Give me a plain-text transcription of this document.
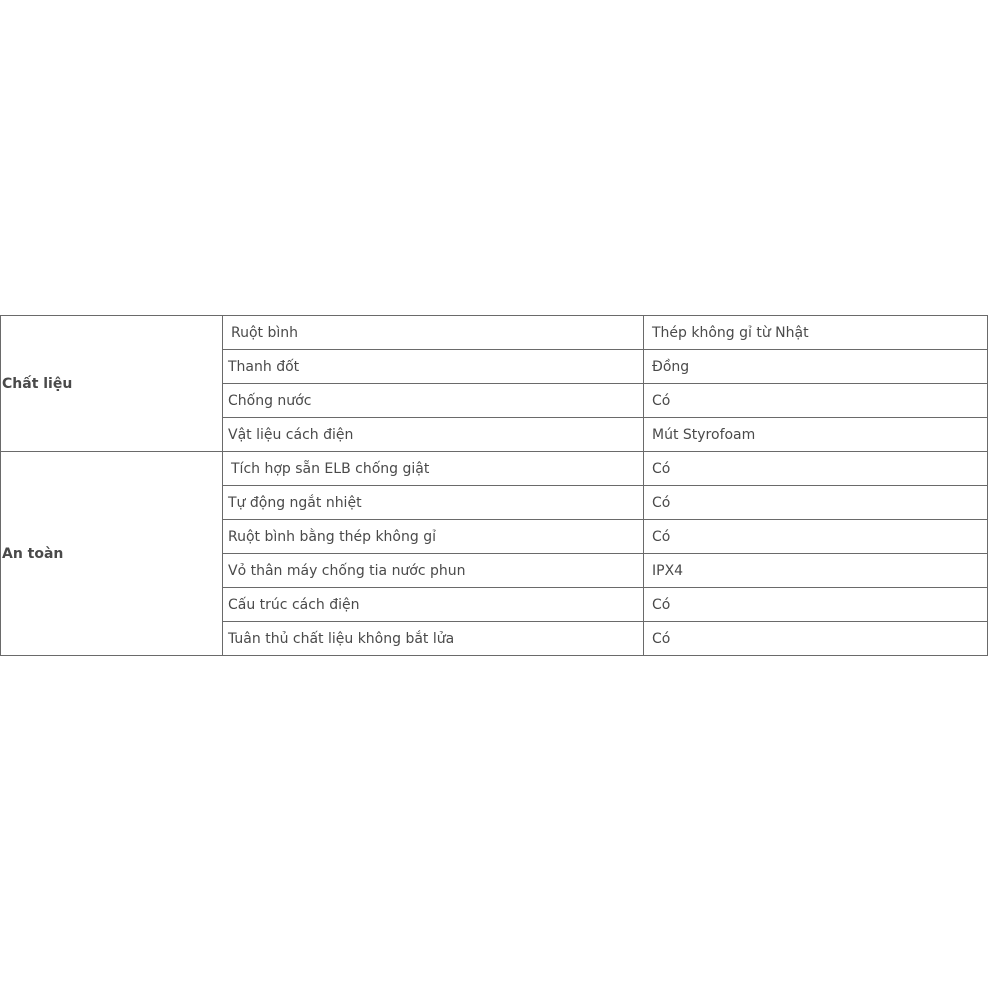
Chất liệu	Ruột bình	Thép không gỉ từ Nhật
	Thanh đốt	Đồng
	Chống nước	Có
	Vật liệu cách điện	Mút Styrofoam
An toàn	Tích hợp sẵn ELB chống giật	Có
	Tự động ngắt nhiệt	Có
	Ruột bình bằng thép không gỉ	Có
	Vỏ thân máy chống tia nước phun	IPX4
	Cấu trúc cách điện	Có
	Tuân thủ chất liệu không bắt lửa	Có
